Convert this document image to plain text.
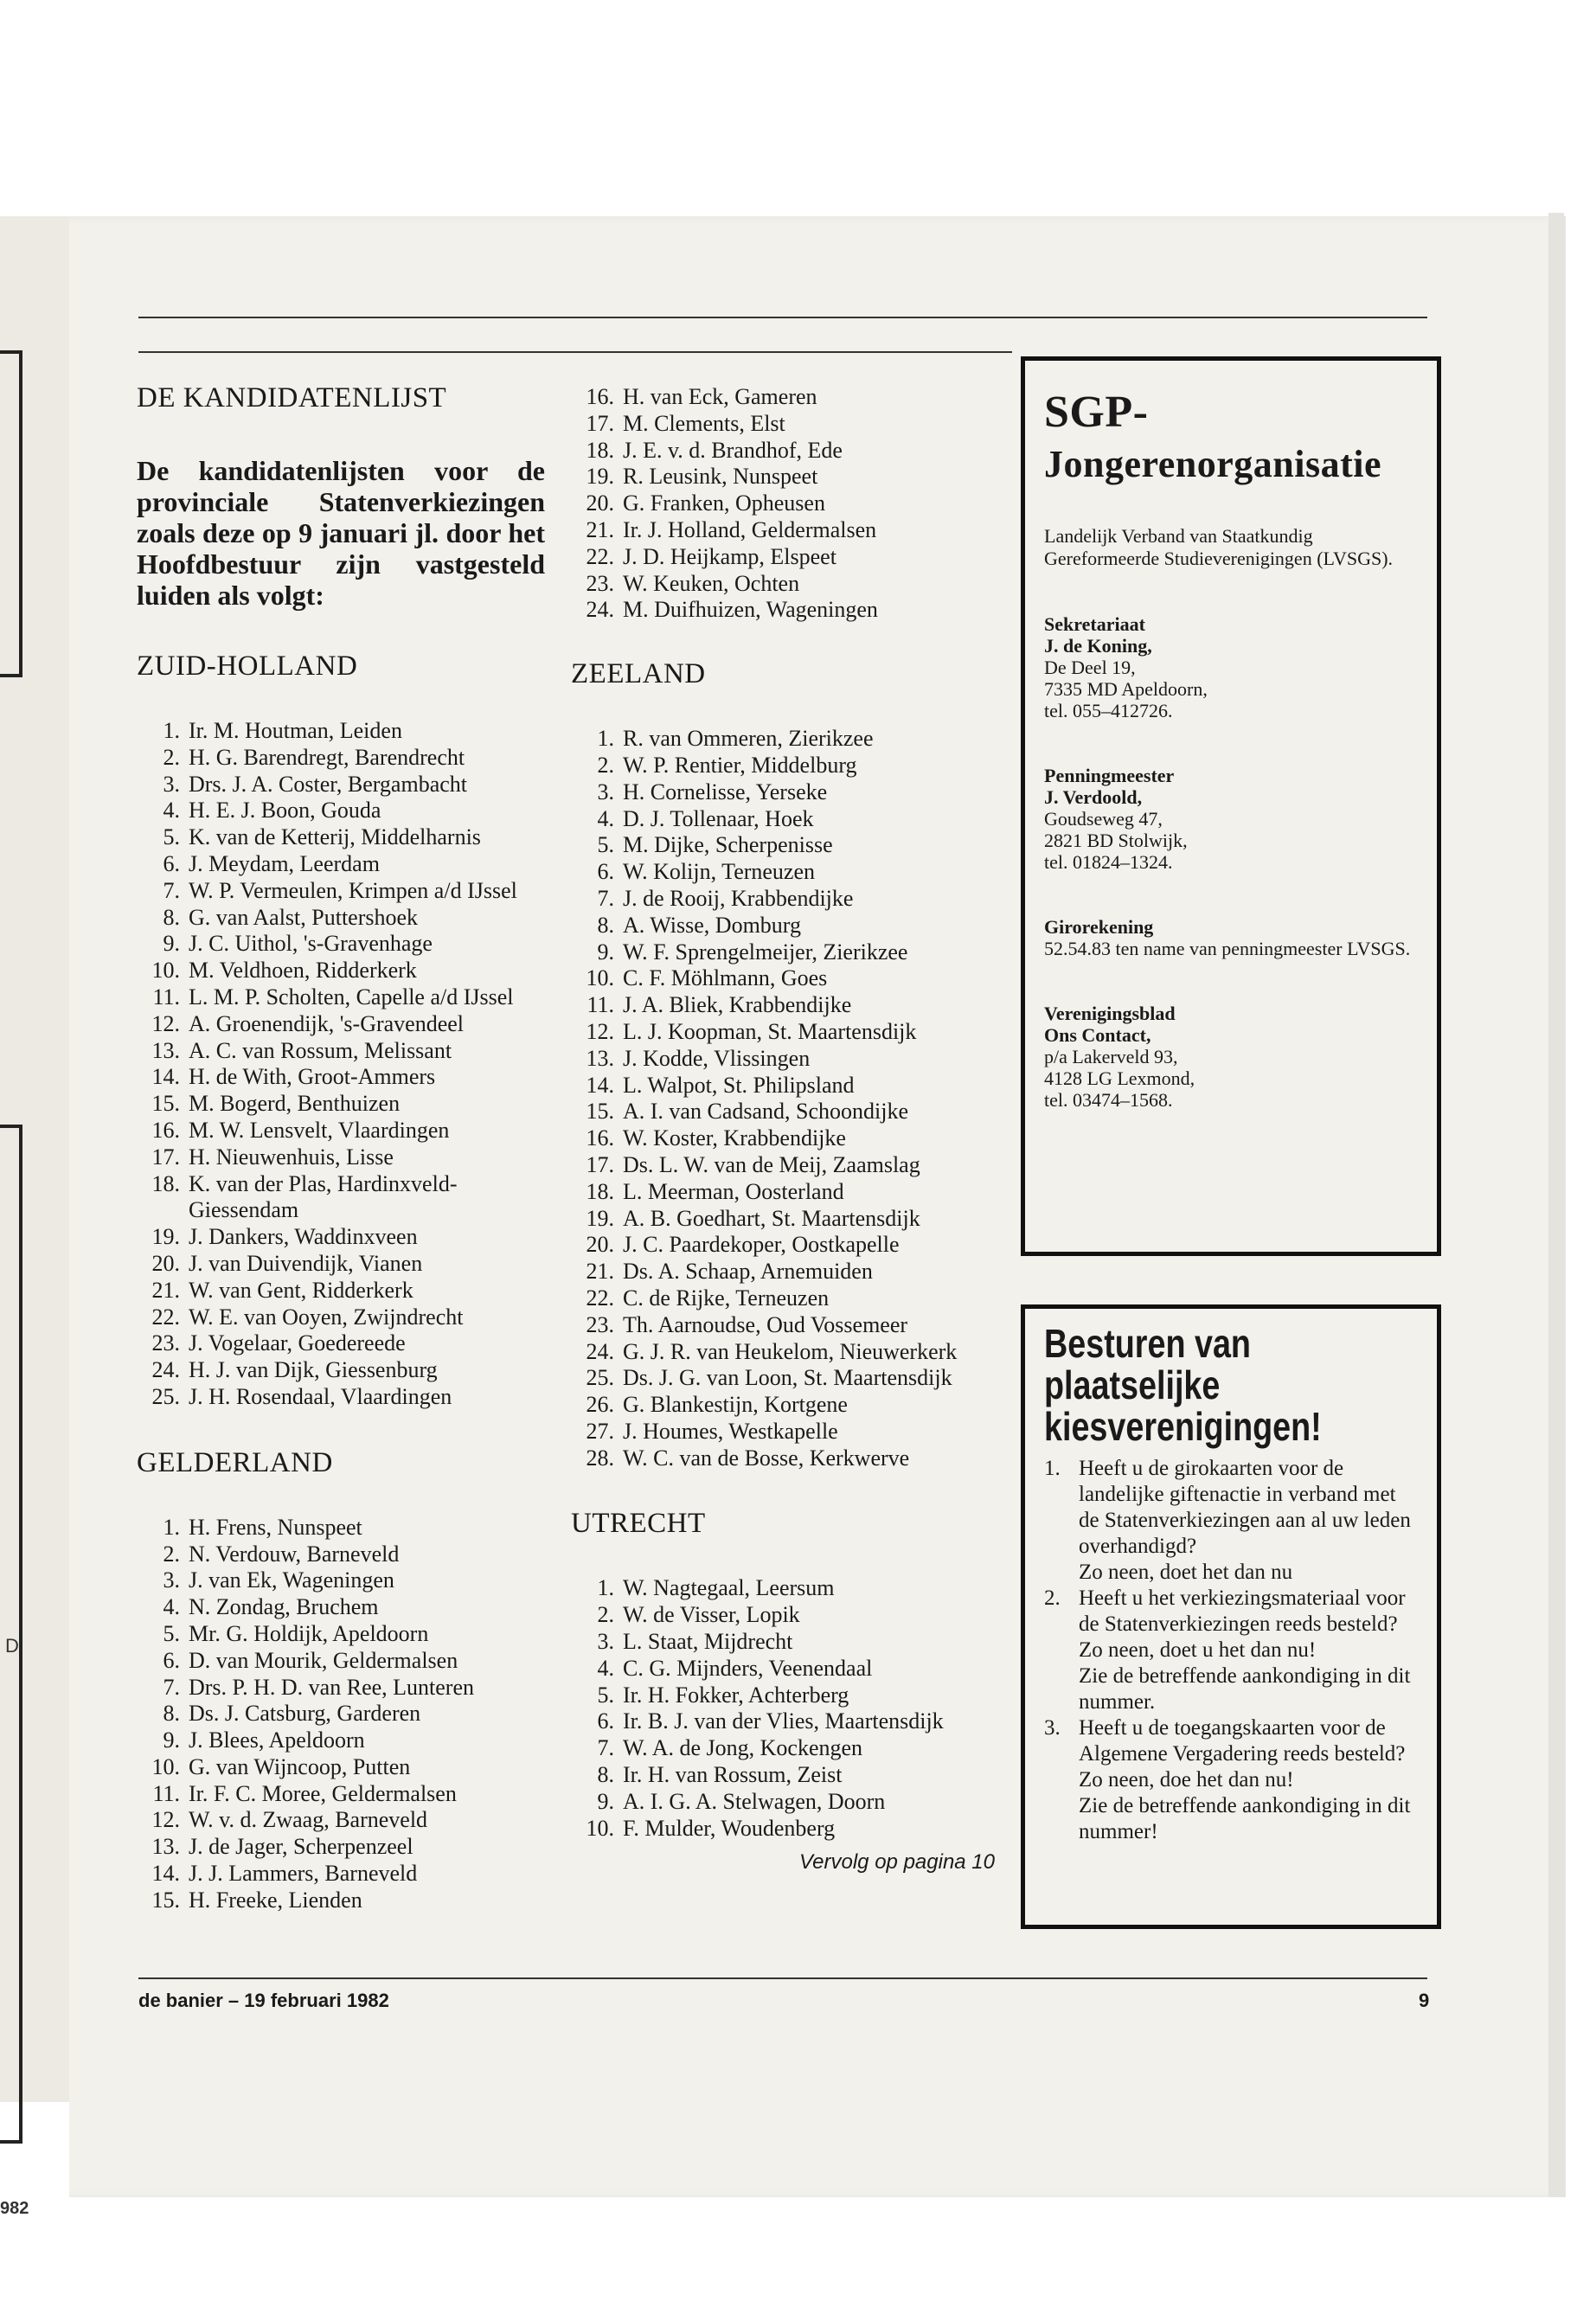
D
982
DE KANDIDATENLIJST
De kandidatenlijsten voor de provinciale Statenverkiezingen zoals deze op 9 januari jl. door het Hoofdbestuur zijn vastgesteld luiden als volgt:
ZUID-HOLLAND
1. Ir. M. Houtman, Leiden
2. H. G. Barendregt, Barendrecht
3. Drs. J. A. Coster, Bergambacht
4. H. E. J. Boon, Gouda
5. K. van de Ketterij, Middelharnis
6. J. Meydam, Leerdam
7. W. P. Vermeulen, Krimpen a/d IJssel
8. G. van Aalst, Puttershoek
9. J. C. Uithol, 's-Gravenhage
10. M. Veldhoen, Ridderkerk
11. L. M. P. Scholten, Capelle a/d IJssel
12. A. Groenendijk, 's-Gravendeel
13. A. C. van Rossum, Melissant
14. H. de With, Groot-Ammers
15. M. Bogerd, Benthuizen
16. M. W. Lensvelt, Vlaardingen
17. H. Nieuwenhuis, Lisse
18. K. van der Plas, Hardinxveld-Giessendam
19. J. Dankers, Waddinxveen
20. J. van Duivendijk, Vianen
21. W. van Gent, Ridderkerk
22. W. E. van Ooyen, Zwijndrecht
23. J. Vogelaar, Goedereede
24. H. J. van Dijk, Giessenburg
25. J. H. Rosendaal, Vlaardingen
GELDERLAND
1. H. Frens, Nunspeet
2. N. Verdouw, Barneveld
3. J. van Ek, Wageningen
4. N. Zondag, Bruchem
5. Mr. G. Holdijk, Apeldoorn
6. D. van Mourik, Geldermalsen
7. Drs. P. H. D. van Ree, Lunteren
8. Ds. J. Catsburg, Garderen
9. J. Blees, Apeldoorn
10. G. van Wijncoop, Putten
11. Ir. F. C. Moree, Geldermalsen
12. W. v. d. Zwaag, Barneveld
13. J. de Jager, Scherpenzeel
14. J. J. Lammers, Barneveld
15. H. Freeke, Lienden
16. H. van Eck, Gameren
17. M. Clements, Elst
18. J. E. v. d. Brandhof, Ede
19. R. Leusink, Nunspeet
20. G. Franken, Opheusen
21. Ir. J. Holland, Geldermalsen
22. J. D. Heijkamp, Elspeet
23. W. Keuken, Ochten
24. M. Duifhuizen, Wageningen
ZEELAND
1. R. van Ommeren, Zierikzee
2. W. P. Rentier, Middelburg
3. H. Cornelisse, Yerseke
4. D. J. Tollenaar, Hoek
5. M. Dijke, Scherpenisse
6. W. Kolijn, Terneuzen
7. J. de Rooij, Krabbendijke
8. A. Wisse, Domburg
9. W. F. Sprengelmeijer, Zierikzee
10. C. F. Möhlmann, Goes
11. J. A. Bliek, Krabbendijke
12. L. J. Koopman, St. Maartensdijk
13. J. Kodde, Vlissingen
14. L. Walpot, St. Philipsland
15. A. I. van Cadsand, Schoondijke
16. W. Koster, Krabbendijke
17. Ds. L. W. van de Meij, Zaamslag
18. L. Meerman, Oosterland
19. A. B. Goedhart, St. Maartensdijk
20. J. C. Paardekoper, Oostkapelle
21. Ds. A. Schaap, Arnemuiden
22. C. de Rijke, Terneuzen
23. Th. Aarnoudse, Oud Vossemeer
24. G. J. R. van Heukelom, Nieuwerkerk
25. Ds. J. G. van Loon, St. Maartensdijk
26. G. Blankestijn, Kortgene
27. J. Houmes, Westkapelle
28. W. C. van de Bosse, Kerkwerve
UTRECHT
1. W. Nagtegaal, Leersum
2. W. de Visser, Lopik
3. L. Staat, Mijdrecht
4. C. G. Mijnders, Veenendaal
5. Ir. H. Fokker, Achterberg
6. Ir. B. J. van der Vlies, Maartensdijk
7. W. A. de Jong, Kockengen
8. Ir. H. van Rossum, Zeist
9. A. I. G. A. Stelwagen, Doorn
10. F. Mulder, Woudenberg
Vervolg op pagina 10
SGP-
Jongerenorganisatie
Landelijk Verband van Staatkundig Gereformeerde Studieverenigingen (LVSGS).
Sekretariaat
J. de Koning,
De Deel 19,
7335 MD Apeldoorn,
tel. 055–412726.
Penningmeester
J. Verdoold,
Goudseweg 47,
2821 BD Stolwijk,
tel. 01824–1324.
Girorekening
52.54.83 ten name van penningmeester LVSGS.
Verenigingsblad
Ons Contact,
p/a Lakerveld 93,
4128 LG Lexmond,
tel. 03474–1568.
Besturen van plaatselijke kiesverenigingen!
1. Heeft u de girokaarten voor de landelijke giftenactie in verband met de Statenverkiezingen aan al uw leden overhandigd?
Zo neen, doet het dan nu
2. Heeft u het verkiezingsmateriaal voor de Statenverkiezingen reeds besteld?
Zo neen, doet u het dan nu!
Zie de betreffende aankondiging in dit nummer.
3. Heeft u de toegangskaarten voor de Algemene Vergadering reeds besteld?
Zo neen, doe het dan nu!
Zie de betreffende aankondiging in dit nummer!
de banier – 19 februari 1982	9
